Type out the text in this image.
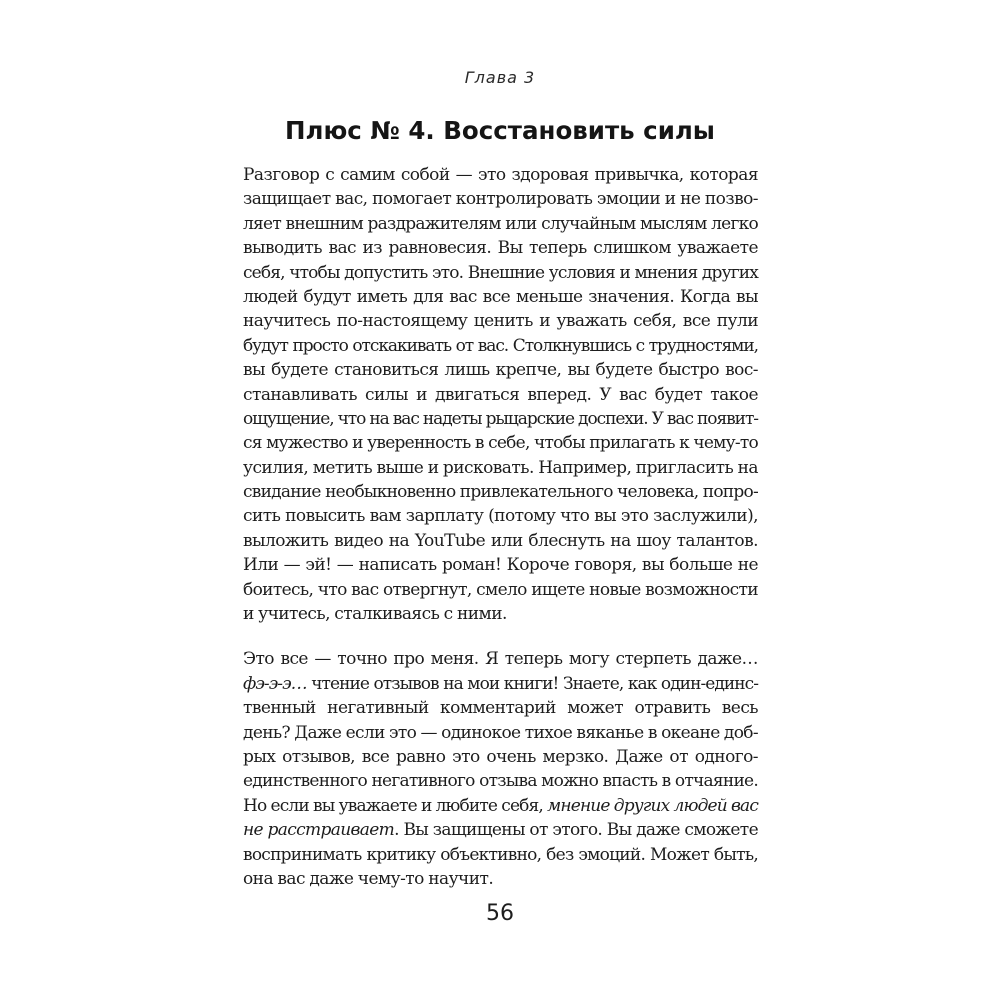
Глава 3
Плюс № 4. Восстановить силы
Разговор с самим собой — это здоровая привычка, которая
защищает вас, помогает контролировать эмоции и не позво-
ляет внешним раздражителям или случайным мыслям легко
выводить вас из равновесия. Вы теперь слишком уважаете
себя, чтобы допустить это. Внешние условия и мнения других
людей будут иметь для вас все меньше значения. Когда вы
научитесь по-настоящему ценить и уважать себя, все пули
будут просто отскакивать от вас. Столкнувшись с трудностями,
вы будете становиться лишь крепче, вы будете быстро вос-
станавливать силы и двигаться вперед. У вас будет такое
ощущение, что на вас надеты рыцарские доспехи. У вас появит-
ся мужество и уверенность в себе, чтобы прилагать к чему-то
усилия, метить выше и рисковать. Например, пригласить на
свидание необыкновенно привлекательного человека, попро-
сить повысить вам зарплату (потому что вы это заслужили),
выложить видео на YouTube или блеснуть на шоу талантов.
Или — эй! — написать роман! Короче говоря, вы больше не
боитесь, что вас отвергнут, смело ищете новые возможности
и учитесь, сталкиваясь с ними.
Это все — точно про меня. Я теперь могу стерпеть даже…
фэ-э-э… чтение отзывов на мои книги! Знаете, как один-единс-
твенный негативный комментарий может отравить весь
день? Даже если это — одинокое тихое вяканье в океане доб-
рых отзывов, все равно это очень мерзко. Даже от одного-
единственного негативного отзыва можно впасть в отчаяние.
Но если вы уважаете и любите себя, мнение других людей вас
не расстраивает. Вы защищены от этого. Вы даже сможете
воспринимать критику объективно, без эмоций. Может быть,
она вас даже чему-то научит.
56
